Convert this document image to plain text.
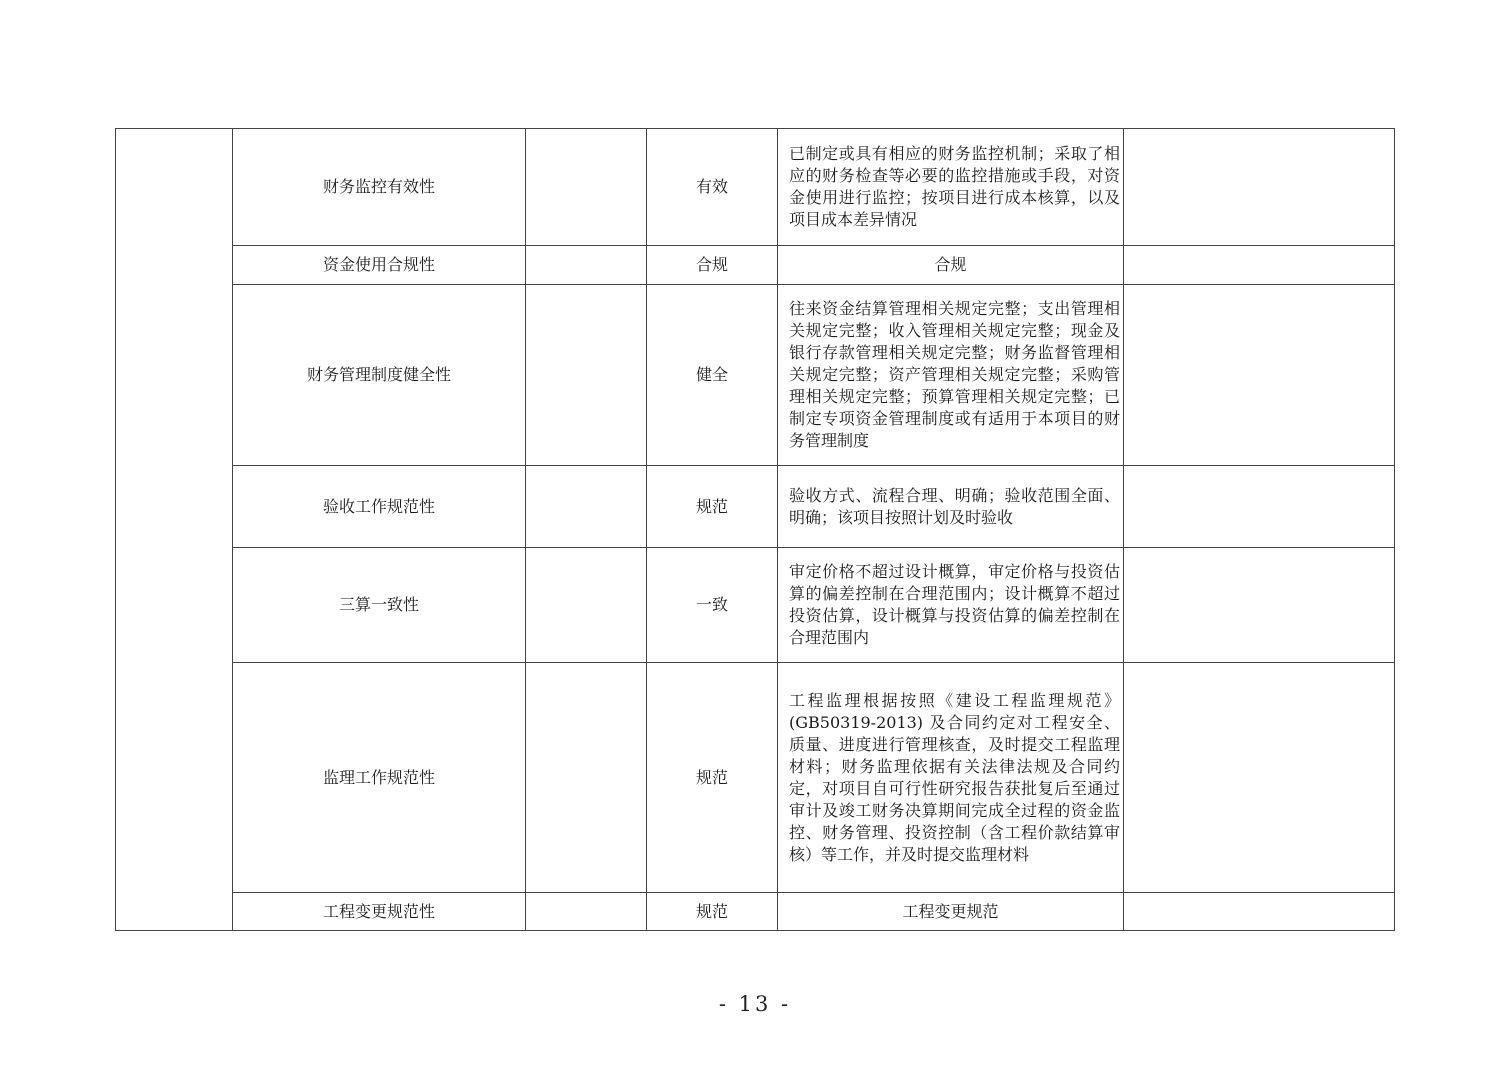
	财务监控有效性		有效	已制定或具有相应的财务监控机制；采取了相应的财务检查等必要的监控措施或手段，对资金使用进行监控；按项目进行成本核算，以及项目成本差异情况	
	资金使用合规性		合规	合规	
	财务管理制度健全性		健全	往来资金结算管理相关规定完整；支出管理相关规定完整；收入管理相关规定完整；现金及银行存款管理相关规定完整；财务监督管理相关规定完整；资产管理相关规定完整；采购管理相关规定完整；预算管理相关规定完整；已制定专项资金管理制度或有适用于本项目的财务管理制度	
	验收工作规范性		规范	验收方式、流程合理、明确；验收范围全面、明确；该项目按照计划及时验收	
	三算一致性		一致	审定价格不超过设计概算，审定价格与投资估算的偏差控制在合理范围内；设计概算不超过投资估算，设计概算与投资估算的偏差控制在合理范围内	
	监理工作规范性		规范	工程监理根据按照《建设工程监理规范》(GB50319-2013) 及合同约定对工程安全、质量、进度进行管理核查，及时提交工程监理材料；财务监理依据有关法律法规及合同约定，对项目自可行性研究报告获批复后至通过审计及竣工财务决算期间完成全过程的资金监控、财务管理、投资控制（含工程价款结算审核）等工作，并及时提交监理材料	
	工程变更规范性		规范	工程变更规范	
- 13 -
